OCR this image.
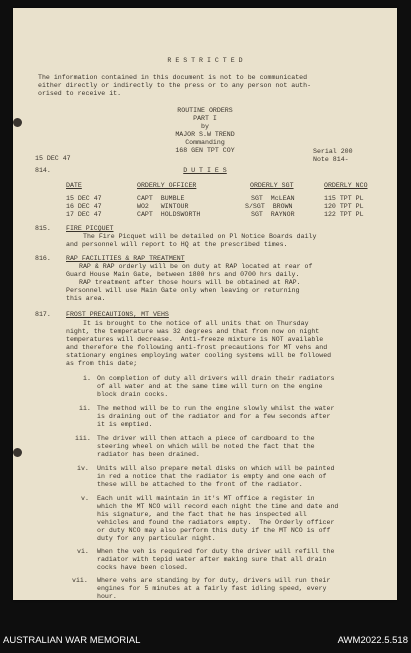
R E S T R I C T E D
The information contained in this document is not to be communicated
either directly or indirectly to the press or to any person not auth-
orised to receive it.
ROUTINE ORDERS
PART I
by
MAJOR S.W TREND
Commanding
168 GEN TPT COY
15 DEC 47
Serial 200
Note 814-
814.	D U T I E S
DATE	ORDERLY OFFICER	ORDERLY SGT	ORDERLY NCO
15 DEC 47	CAPT  BUMBLE	SGT  McLEAN	115 TPT PL
16 DEC 47	WO2   WINTOUR	S/SGT  BROWN	120 TPT PL
17 DEC 47	CAPT  HOLDSWORTH	SGT  RAYNOR	122 TPT PL
815. FIRE PICQUET
The Fire Picquet will be detailed on Pl Notice Boards daily
and personnel will report to HQ at the prescribed times.
816. RAP FACILITIES & RAP TREATMENT
RAP & RAP orderly will be on duty at RAP located at rear of
Guard House Main Gate, between 1800 hrs and 0700 hrs daily.
RAP treatment after those hours will be obtained at RAP.
Personnel will use Main Gate only when leaving or returning
this area.
817. FROST PRECAUTIONS, MT VEHS
It is brought to the notice of all units that on Thursday
night, the temperature was 32 degrees and that from now on night
temperatures will decrease.  Anti-freeze mixture is NOT available
and therefore the following anti-frost precautions for MT vehs and
stationary engines employing water cooling systems will be followed
as from this date;
i. On completion of duty all drivers will drain their radiators
of all water and at the same time will turn on the engine
block drain cocks.
ii. The method will be to run the engine slowly whilst the water
is draining out of the radiator and for a few seconds after
it is emptied.
iii. The driver will then attach a piece of cardboard to the
steering wheel on which will be noted the fact that the
radiator has been drained.
iv. Units will also prepare metal disks on which will be painted
in red a notice that the radiator is empty and one each of
these will be attached to the front of the radiator.
v. Each unit will maintain in it's MT office a register in
which the MT NCO will record each night the time and date and
his signature, and the fact that he has inspected all
vehicles and found the radiators empty.  The Orderly officer
or duty NCO may also perform this duty if the MT NCO is off
duty for any particular night.
vi. When the veh is required for duty the driver will refill the
radiator with tepid water after making sure that all drain
cocks have been closed.
vii. Where vehs are standing by for duty, drivers will run their
engines for 5 minutes at a fairly fast idling speed, every
hour.
AUSTRALIAN WAR MEMORIAL	AWM2022.5.518
